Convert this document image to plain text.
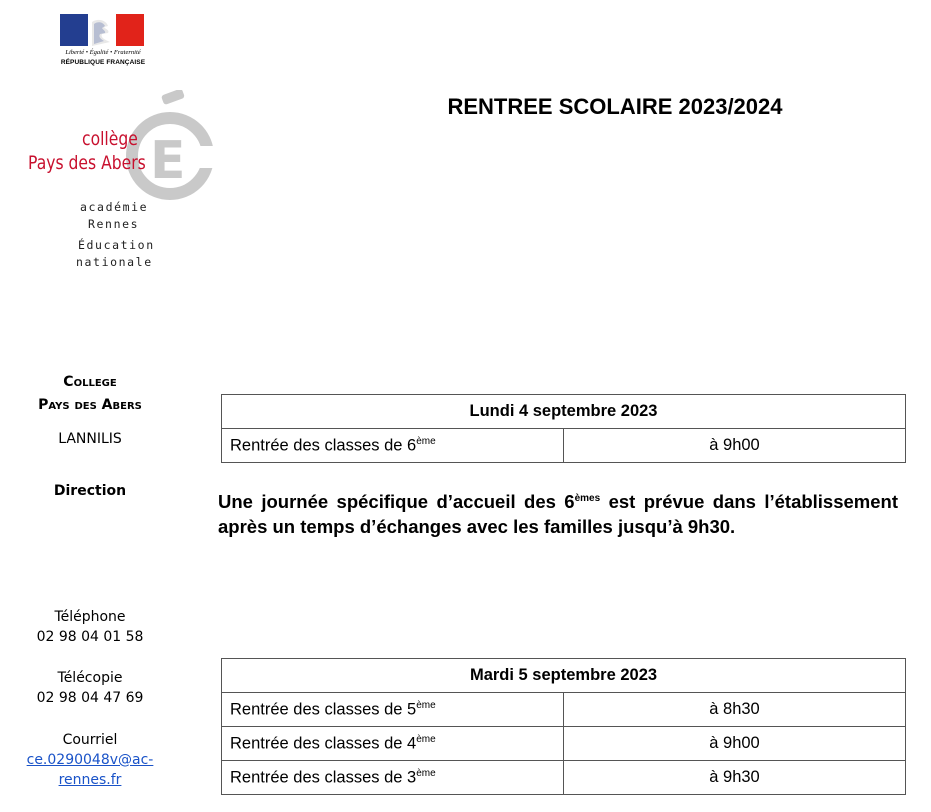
Liberté • Égalité • Fraternité
RÉPUBLIQUE FRANÇAISE
E
collège
Pays des Abers
académie
Rennes
Éducation
nationale
RENTREE SCOLAIRE 2023/2024
College
Pays des Abers
LANNILIS
Direction
Téléphone
02 98 04 01 58
Télécopie
02 98 04 47 69
Courriel
ce.0290048v@ac-
rennes.fr
Lundi 4 septembre 2023
Rentrée des classes de 6ème	à 9h00
Une journée spécifique d’accueil des 6èmes est prévue dans l’établissement après un temps d’échanges avec les familles jusqu’à 9h30.
Mardi 5 septembre 2023	
Rentrée des classes de 5ème	à 8h30
Rentrée des classes de 4ème	à 9h00
Rentrée des classes de 3ème	à 9h30
